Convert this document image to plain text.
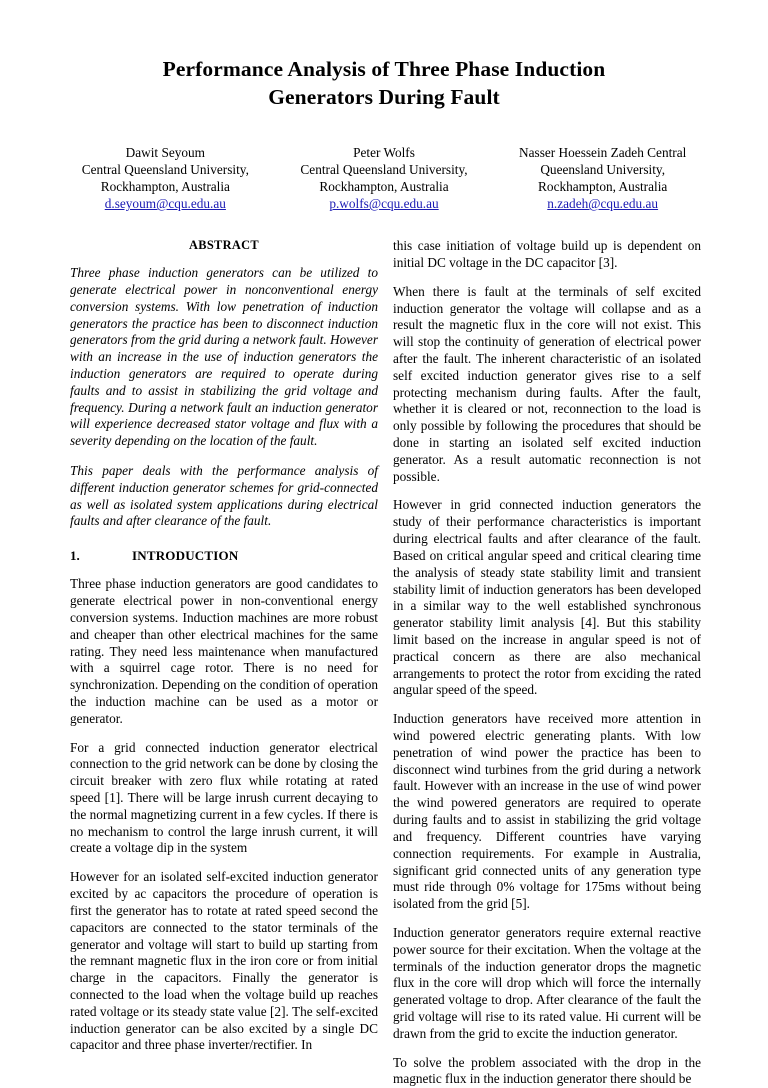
Performance Analysis of Three Phase Induction
Generators During Fault
Dawit Seyoum
Central Queensland University,
Rockhampton, Australia
d.seyoum@cqu.edu.au
Peter Wolfs
Central Queensland University,
Rockhampton, Australia
p.wolfs@cqu.edu.au
Nasser Hoessein Zadeh Central
Queensland University,
Rockhampton, Australia
n.zadeh@cqu.edu.au
ABSTRACT

Three phase induction generators can be utilized to generate electrical power in nonconventional energy conversion systems. With low penetration of induction generators the practice has been to disconnect induction generators from the grid during a network fault. However with an increase in the use of induction generators the induction generators are required to operate during faults and to assist in stabilizing the grid voltage and frequency. During a network fault an induction generator will experience decreased stator voltage and flux with a severity depending on the location of the fault.

This paper deals with the performance analysis of different induction generator schemes for grid-connected as well as isolated system applications during electrical faults and after clearance of the fault.

1.	INTRODUCTION

Three phase induction generators are good candidates to generate electrical power in non-conventional energy conversion systems. Induction machines are more robust and cheaper than other electrical machines for the same rating. They need less maintenance when manufactured with a squirrel cage rotor. There is no need for synchronization. Depending on the condition of operation the induction machine can be used as a motor or generator.

For a grid connected induction generator electrical connection to the grid network can be done by closing the circuit breaker with zero flux while rotating at rated speed [1]. There will be large inrush current decaying to the normal magnetizing current in a few cycles. If there is no mechanism to control the large inrush current, it will create a voltage dip in the system

However for an isolated self-excited induction generator excited by ac capacitors the procedure of operation is first the generator has to rotate at rated speed second the capacitors are connected to the stator terminals of the generator and voltage will start to build up starting from the remnant magnetic flux in the iron core or from initial charge in the capacitors. Finally the generator is connected to the load when the voltage build up reaches rated voltage or its steady state value [2]. The self-excited induction generator can be also excited by a single DC capacitor and three phase inverter/rectifier. In

this case initiation of voltage build up is dependent on initial DC voltage in the DC capacitor [3].

When there is fault at the terminals of self excited induction generator the voltage will collapse and as a result the magnetic flux in the core will not exist. This will stop the continuity of generation of electrical power after the fault. The inherent characteristic of an isolated self excited induction generator gives rise to a self protecting mechanism during faults. After the fault, whether it is cleared or not, reconnection to the load is only possible by following the procedures that should be done in starting an isolated self excited induction generator. As a result automatic reconnection is not possible.

However in grid connected induction generators the study of their performance characteristics is important during electrical faults and after clearance of the fault. Based on critical angular speed and critical clearing time the analysis of steady state stability limit and transient stability limit of induction generators has been developed in a similar way to the well established synchronous generator stability limit analysis [4]. But this stability limit based on the increase in angular speed is not of practical concern as there are also mechanical arrangements to protect the rotor from exciding the rated angular speed of the speed.

Induction generators have received more attention in wind powered electric generating plants. With low penetration of wind power the practice has been to disconnect wind turbines from the grid during a network fault. However with an increase in the use of wind power the wind powered generators are required to operate during faults and to assist in stabilizing the grid voltage and frequency. Different countries have varying connection requirements. For example in Australia, significant grid connected units of any generation type must ride through 0% voltage for 175ms without being isolated from the grid [5].

Induction generator generators require external reactive power source for their excitation. When the voltage at the terminals of the induction generator drops the magnetic flux in the core will drop which will force the internally generated voltage to drop. After clearance of the fault the grid voltage will rise to its rated value. Hi current will be drawn from the grid to excite the induction generator.

To solve the problem associated with the drop in the magnetic flux in the induction generator there should be
